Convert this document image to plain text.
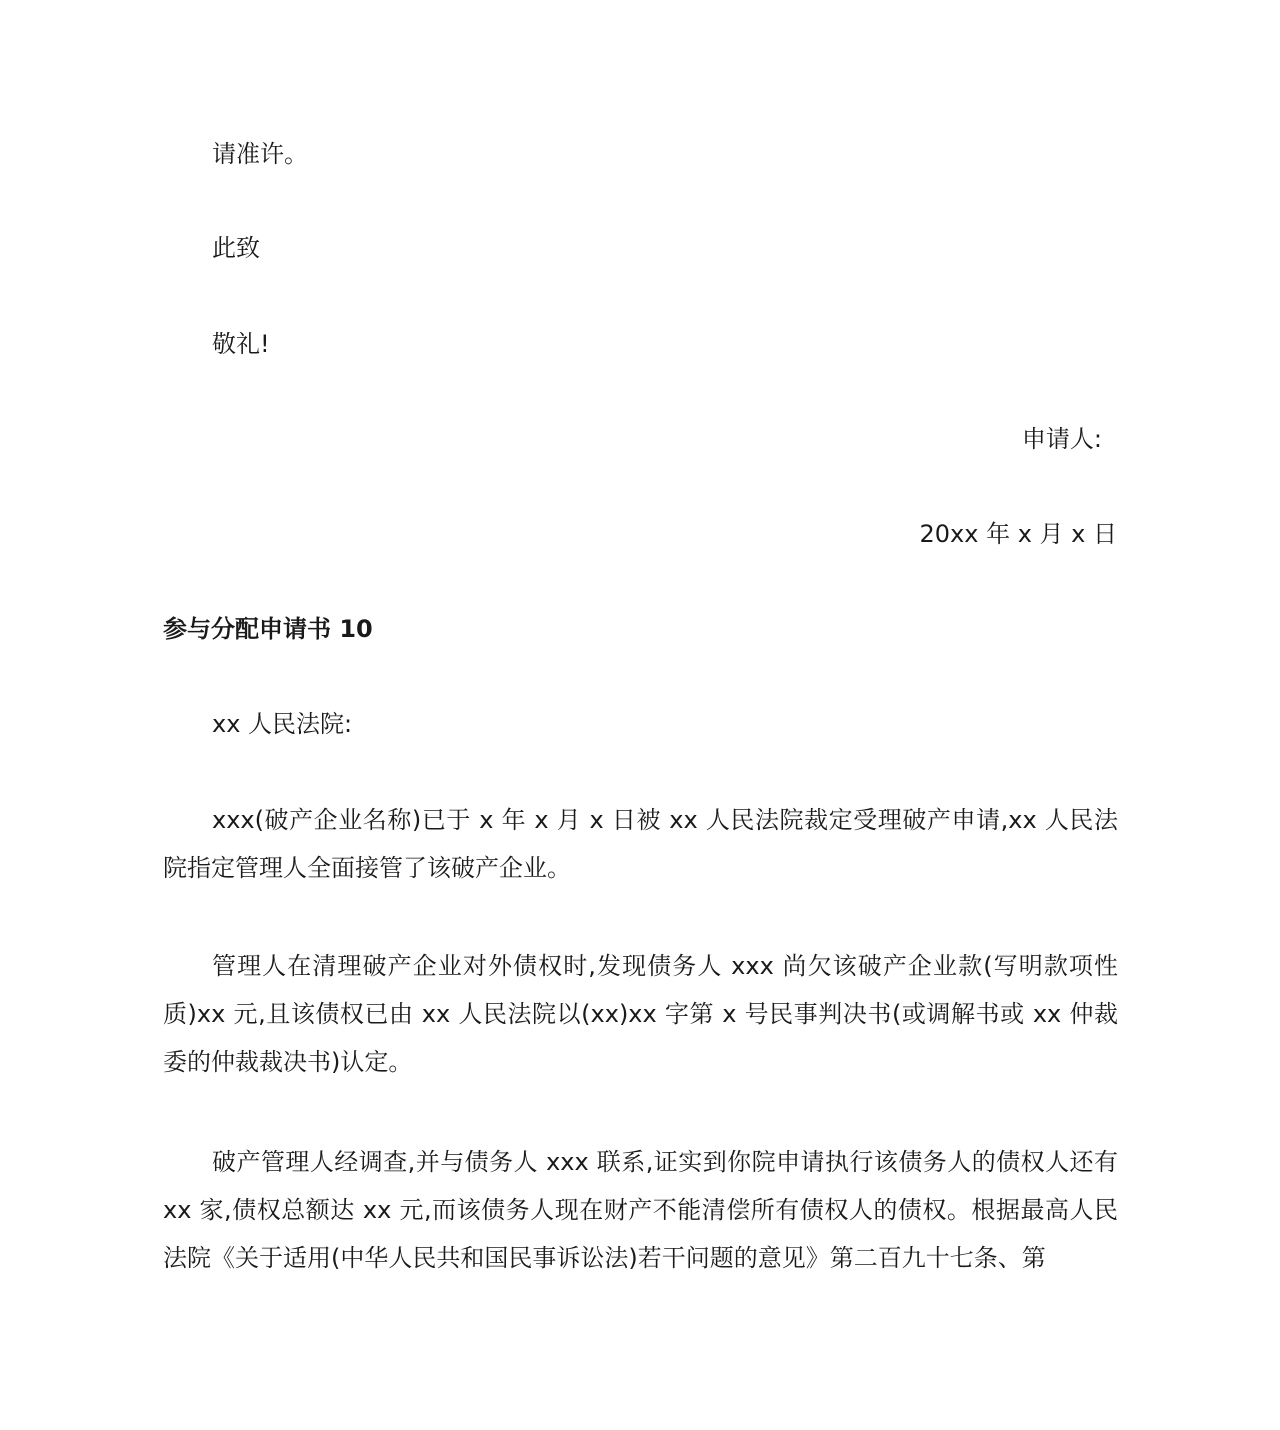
请准许。
此致
敬礼!
申请人:
20xx 年 x 月 x 日
参与分配申请书 10
xx 人民法院:
xxx(破产企业名称)已于 x 年 x 月 x 日被 xx 人民法院裁定受理破产申请,xx 人民法院指定管理人全面接管了该破产企业。
管理人在清理破产企业对外债权时,发现债务人 xxx 尚欠该破产企业款(写明款项性质)xx 元,且该债权已由 xx 人民法院以(xx)xx 字第 x 号民事判决书(或调解书或 xx 仲裁委的仲裁裁决书)认定。
破产管理人经调查,并与债务人 xxx 联系,证实到你院申请执行该债务人的债权人还有 xx 家,债权总额达 xx 元,而该债务人现在财产不能清偿所有债权人的债权。根据最高人民法院《关于适用(中华人民共和国民事诉讼法)若干问题的意见》第二百九十七条、第
